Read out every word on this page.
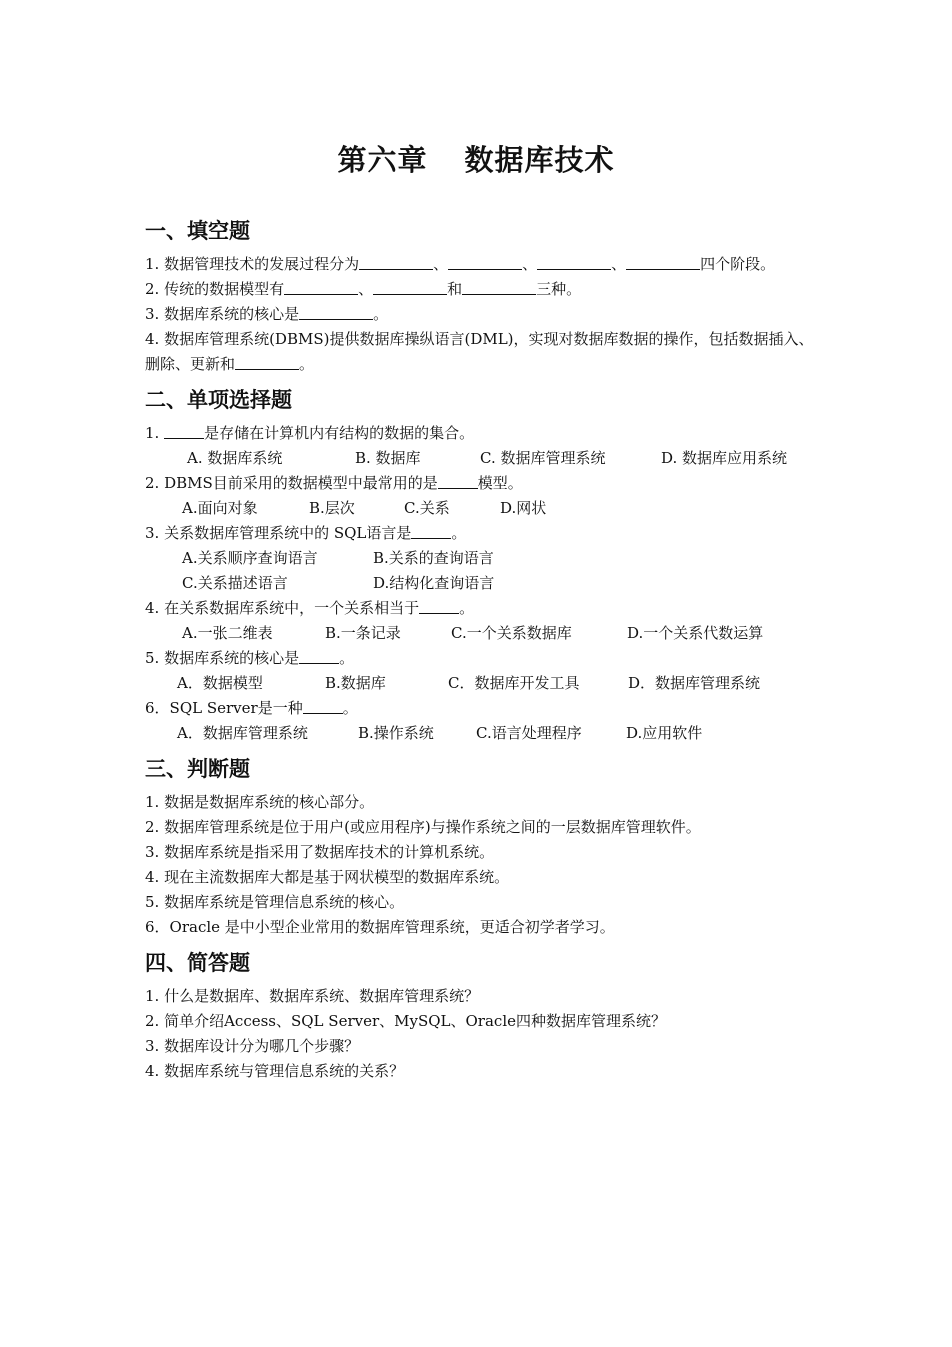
第六章 数据库技术
一、填空题
1. 数据管理技术的发展过程分为	、	、	、	四个阶段。
2. 传统的数据模型有	、	和	三种。
3. 数据库系统的核心是	。
4. 数据库管理系统(DBMS)提供数据库操纵语言(DML)，实现对数据库数据的操作，包括数据插入、删除、更新和	。
二、单项选择题
1.	是存储在计算机内有结构的数据的集合。
A. 数据库系统	B. 数据库	C. 数据库管理系统	D. 数据库应用系统
2. DBMS目前采用的数据模型中最常用的是	模型。
A.面向对象	B.层次	C.关系	D.网状
3. 关系数据库管理系统中的 SQL语言是	。
A.关系顺序查询语言	B.关系的查询语言
C.关系描述语言	D.结构化查询语言
4. 在关系数据库系统中，一个关系相当于	。
A.一张二维表	B.一条记录	C.一个关系数据库	D.一个关系代数运算
5. 数据库系统的核心是	。
A．数据模型	B.数据库	C．数据库开发工具	D．数据库管理系统
6．SQL Server是一种	。
A．数据库管理系统	B.操作系统	C.语言处理程序	D.应用软件
三、判断题
1. 数据是数据库系统的核心部分。
2. 数据库管理系统是位于用户(或应用程序)与操作系统之间的一层数据库管理软件。
3. 数据库系统是指采用了数据库技术的计算机系统。
4. 现在主流数据库大都是基于网状模型的数据库系统。
5. 数据库系统是管理信息系统的核心。
6．Oracle 是中小型企业常用的数据库管理系统，更适合初学者学习。
四、简答题
1. 什么是数据库、数据库系统、数据库管理系统？
2. 简单介绍Access、SQL Server、MySQL、Oracle四种数据库管理系统？
3. 数据库设计分为哪几个步骤？
4. 数据库系统与管理信息系统的关系？
